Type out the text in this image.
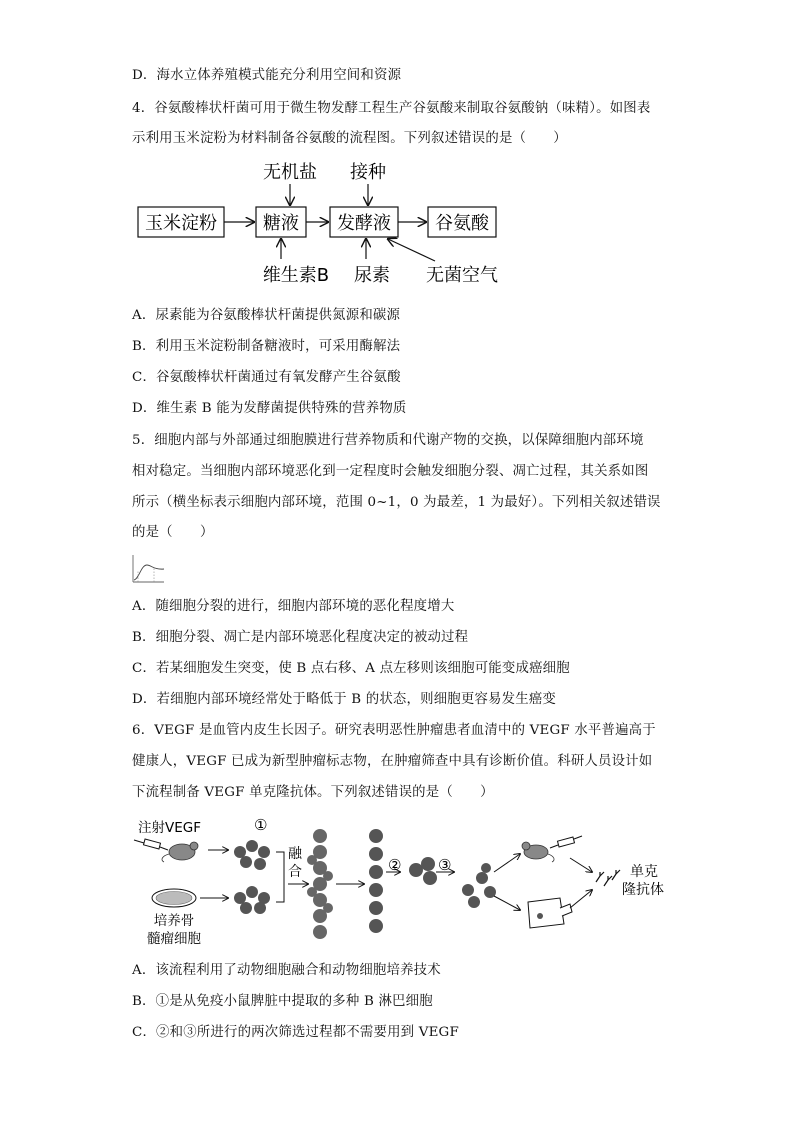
D．海水立体养殖模式能充分利用空间和资源
4．谷氨酸棒状杆菌可用于微生物发酵工程生产谷氨酸来制取谷氨酸钠（味精）。如图表
示利用玉米淀粉为材料制备谷氨酸的流程图。下列叙述错误的是（　　）
玉米淀粉	糖液 发酵液 谷氨酸
无机盐 接种
维生素B 尿素 无菌空气
A．尿素能为谷氨酸棒状杆菌提供氮源和碳源
B．利用玉米淀粉制备糖液时，可采用酶解法
C．谷氨酸棒状杆菌通过有氧发酵产生谷氨酸
D．维生素 B 能为发酵菌提供特殊的营养物质
5．细胞内部与外部通过细胞膜进行营养物质和代谢产物的交换，以保障细胞内部环境
相对稳定。当细胞内部环境恶化到一定程度时会触发细胞分裂、凋亡过程，其关系如图
所示（横坐标表示细胞内部环境，范围 0~1，0 为最差，1 为最好）。下列相关叙述错误
的是（　　）
A．随细胞分裂的进行，细胞内部环境的恶化程度增大
B．细胞分裂、凋亡是内部环境恶化程度决定的被动过程
C．若某细胞发生突变，使 B 点右移、A 点左移则该细胞可能变成癌细胞
D．若细胞内部环境经常处于略低于 B 的状态，则细胞更容易发生癌变
6．VEGF 是血管内皮生长因子。研究表明恶性肿瘤患者血清中的 VEGF 水平普遍高于
健康人，VEGF 已成为新型肿瘤标志物，在肿瘤筛查中具有诊断价值。科研人员设计如
下流程制备 VEGF 单克隆抗体。下列叙述错误的是（　　）
注射VEGF
培养骨
髓瘤细胞
①
融
合	② ③	单克
隆抗体
A．该流程利用了动物细胞融合和动物细胞培养技术
B．①是从免疫小鼠脾脏中提取的多种 B 淋巴细胞
C．②和③所进行的两次筛选过程都不需要用到 VEGF
